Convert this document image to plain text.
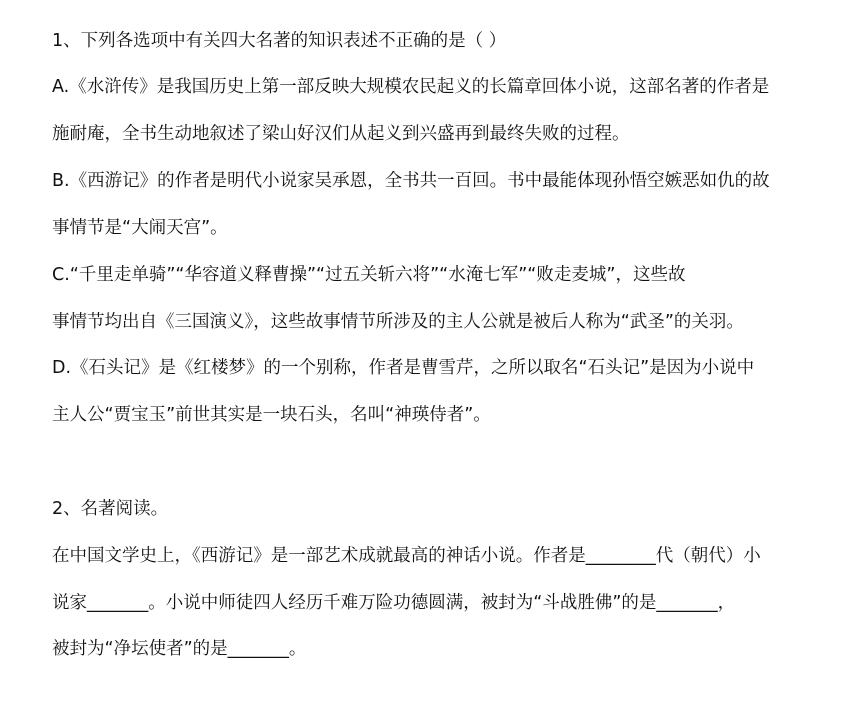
1、下列各选项中有关四大名著的知识表述不正确的是（ ）
A.《水浒传》是我国历史上第一部反映大规模农民起义的长篇章回体小说，这部名著的作者是
施耐庵，全书生动地叙述了梁山好汉们从起义到兴盛再到最终失败的过程。
B.《西游记》的作者是明代小说家吴承恩，全书共一百回。书中最能体现孙悟空嫉恶如仇的故
事情节是“大闹天宫”。
C.“千里走单骑”“华容道义释曹操”“过五关斩六将”“水淹七军”“败走麦城”，这些故
事情节均出自《三国演义》，这些故事情节所涉及的主人公就是被后人称为“武圣”的关羽。
D.《石头记》是《红楼梦》的一个别称，作者是曹雪芹，之所以取名“石头记”是因为小说中
主人公“贾宝玉”前世其实是一块石头，名叫“神瑛侍者”。
2、名著阅读。
在中国文学史上，《西游记》是一部艺术成就最高的神话小说。作者是________代（朝代）小
说家_______。小说中师徒四人经历千难万险功德圆满，被封为“斗战胜佛”的是_______，
被封为“净坛使者”的是_______。
